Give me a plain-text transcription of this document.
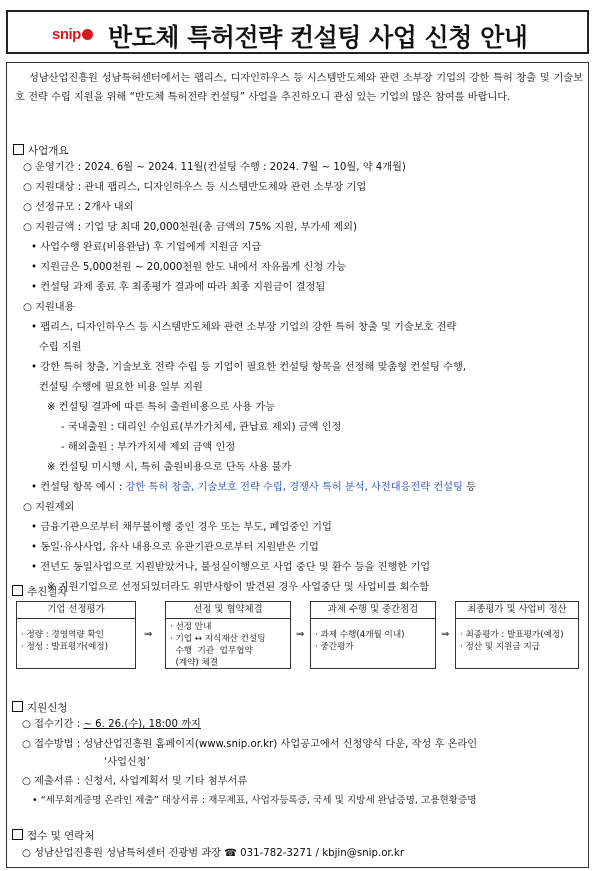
snip	반도체 특허전략 컨설팅 사업 신청 안내
성남산업진흥원 성남특허센터에서는 팹리스, 디자인하우스 등 시스템반도체와 관련 소부장 기업의 강한 특허 창출 및 기술보호 전략 수립 지원을 위해 “반도체 특허전략 컨설팅” 사업을 추진하오니 관심 있는 기업의 많은 참여를 바랍니다.
사업개요
○ 운영기간 : 2024. 6월 ~ 2024. 11월(컨설팅 수행 : 2024. 7월 ~ 10월, 약 4개월)
○ 지원대상 : 관내 팹리스, 디자인하우스 등 시스템반도체와 관련 소부장 기업
○ 선정규모 : 2개사 내외
○ 지원금액 : 기업 당 최대 20,000천원(총 금액의 75% 지원, 부가세 제외)
• 사업수행 완료(비용완납) 후 기업에게 지원금 지급
• 지원금은 5,000천원 ~ 20,000천원 한도 내에서 자유롭게 신청 가능
• 컨설팅 과제 종료 후 최종평가 결과에 따라 최종 지원금이 결정됨
○ 지원내용
• 팹리스, 디자인하우스 등 시스템반도체와 관련 소부장 기업의 강한 특허 창출 및 기술보호 전략
수립 지원
• 강한 특허 창출, 기술보호 전략 수립 등 기업이 필요한 컨설팅 항목을 선정해 맞춤형 컨설팅 수행,
컨설팅 수행에 필요한 비용 일부 지원
※ 컨설팅 결과에 따른 특허 출원비용으로 사용 가능
- 국내출원 : 대리인 수임료(부가가치세, 관납료 제외) 금액 인정
- 해외출원 : 부가가치세 제외 금액 인정
※ 컨설팅 미시행 시, 특허 출원비용으로 단독 사용 불가
• 컨설팅 항목 예시 : 강한 특허 창출, 기술보호 전략 수립, 경쟁사 특허 분석, 사전대응전략 컨설팅 등
○ 지원제외
• 금융기관으로부터 채무불이행 중인 경우 또는 부도, 폐업중인 기업
• 동일·유사사업, 유사 내용으로 유관기관으로부터 지원받은 기업
• 전년도 동일사업으로 지원받았거나, 불성실이행으로 사업 중단 및 환수 등을 진행한 기업
※ 지원기업으로 선정되었더라도 위반사항이 발견된 경우 사업중단 및 사업비를 회수함
추진절차
기업 선정평가
· 정량 : 경영역량 확인
· 정성 : 발표평가(예정)
⇒
선정 및 협약체결
· 선정 안내
· 기업 ↔ 지식재산 컨설팅
수행  기관  업무협약
(계약) 체결
⇒
과제 수행 및 중간점검
· 과제 수행(4개월 이내)
· 중간평가
⇒
최종평가 및 사업비 정산
· 최종평가 : 발표평가(예정)
· 정산 및 지원금 지급
지원신청
○ 접수기간 : ~ 6. 26.(수), 18:00 까지
○ 접수방법 : 성남산업진흥원 홈페이지(www.snip.or.kr) 사업공고에서 신청양식 다운, 작성 후 온라인
‘사업신청’
○ 제출서류 : 신청서, 사업계획서 및 기타 첨부서류
• “세무회계증명 온라인 제출” 대상서류 : 재무제표, 사업자등록증, 국세 및 지방세 완납증명, 고용현황증명
접수 및 연락처
○ 성남산업진흥원 성남특허센터 진광범 과장 ☎ 031-782-3271 / kbjin@snip.or.kr
